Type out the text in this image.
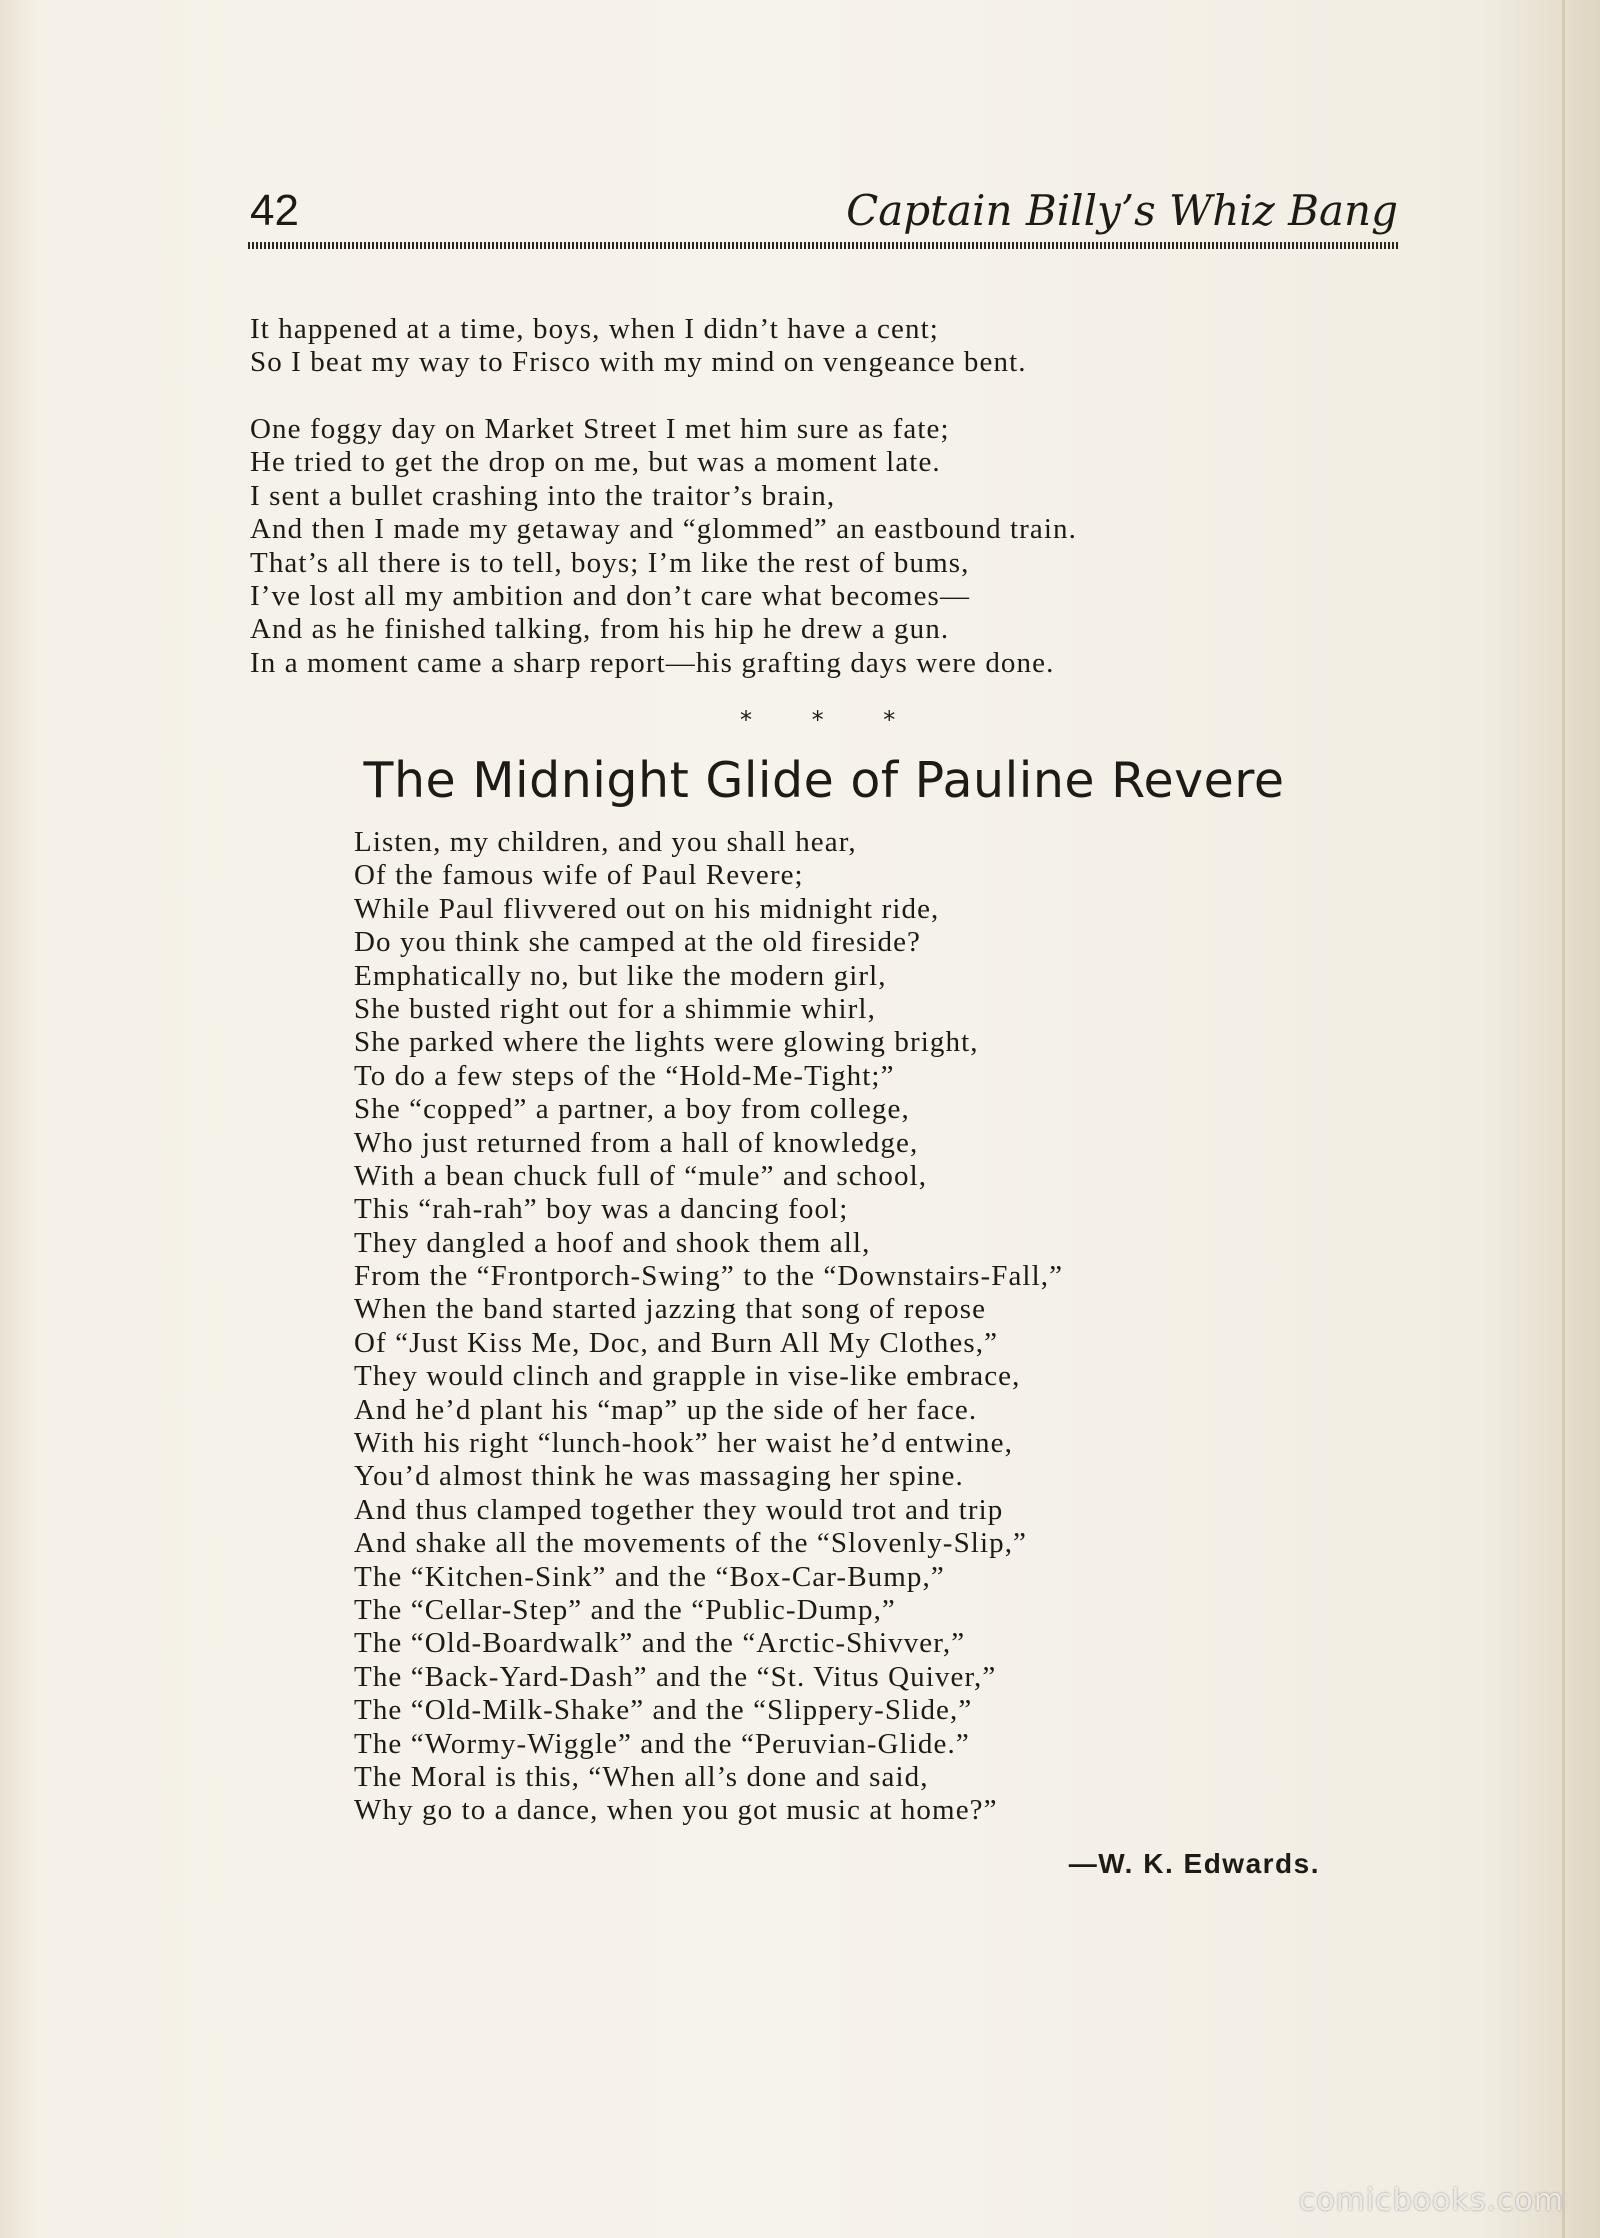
42	Captain Billy’s Whiz Bang
It happened at a time, boys, when I didn’t have a cent;
So I beat my way to Frisco with my mind on vengeance bent.
One foggy day on Market Street I met him sure as fate;
He tried to get the drop on me, but was a moment late.
I sent a bullet crashing into the traitor’s brain,
And then I made my getaway and “glommed” an eastbound train.
That’s all there is to tell, boys; I’m like the rest of bums,
I’ve lost all my ambition and don’t care what becomes—
And as he finished talking, from his hip he drew a gun.
In a moment came a sharp report—his grafting days were done.
* * *
The Midnight Glide of Pauline Revere
Listen, my children, and you shall hear,
Of the famous wife of Paul Revere;
While Paul flivvered out on his midnight ride,
Do you think she camped at the old fireside?
Emphatically no, but like the modern girl,
She busted right out for a shimmie whirl,
She parked where the lights were glowing bright,
To do a few steps of the “Hold-Me-Tight;”
She “copped” a partner, a boy from college,
Who just returned from a hall of knowledge,
With a bean chuck full of “mule” and school,
This “rah-rah” boy was a dancing fool;
They dangled a hoof and shook them all,
From the “Frontporch-Swing” to the “Downstairs-Fall,”
When the band started jazzing that song of repose
Of “Just Kiss Me, Doc, and Burn All My Clothes,”
They would clinch and grapple in vise-like embrace,
And he’d plant his “map” up the side of her face.
With his right “lunch-hook” her waist he’d entwine,
You’d almost think he was massaging her spine.
And thus clamped together they would trot and trip
And shake all the movements of the “Slovenly-Slip,”
The “Kitchen-Sink” and the “Box-Car-Bump,”
The “Cellar-Step” and the “Public-Dump,”
The “Old-Boardwalk” and the “Arctic-Shivver,”
The “Back-Yard-Dash” and the “St. Vitus Quiver,”
The “Old-Milk-Shake” and the “Slippery-Slide,”
The “Wormy-Wiggle” and the “Peruvian-Glide.”
The Moral is this, “When all’s done and said,
Why go to a dance, when you got music at home?”
—W. K. Edwards.
comicbooks.com
